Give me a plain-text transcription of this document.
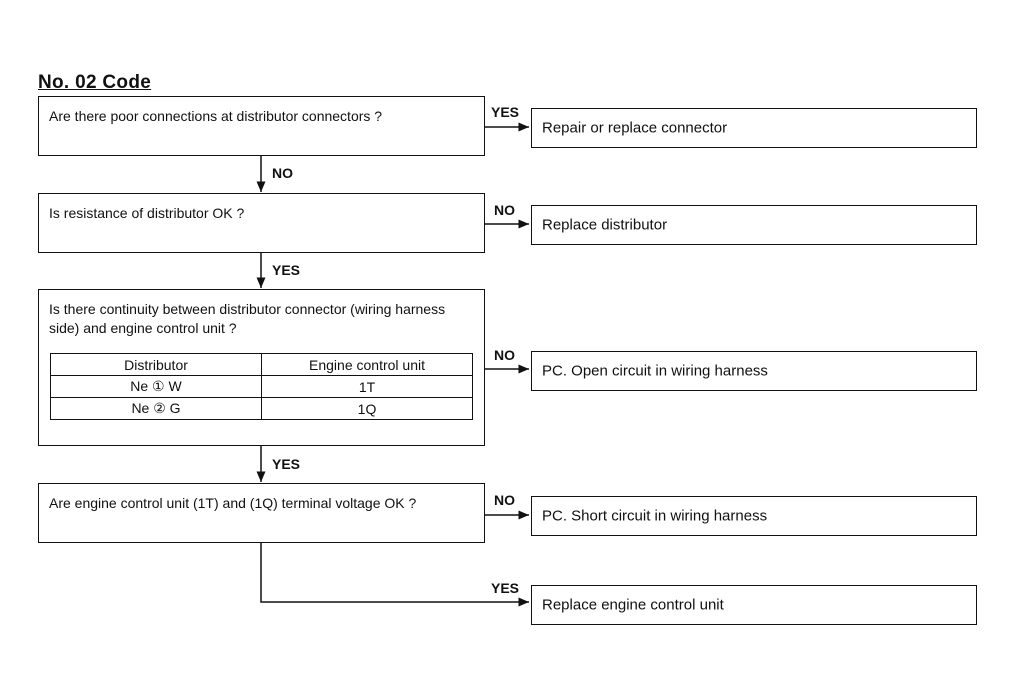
No. 02 Code
Are there poor connections at distributor connectors ?	YES
Repair or replace connector
NO
Is resistance of distributor OK ?	NO
Replace distributor
YES
Is there continuity between distributor connector (wiring harness side) and engine control unit ?
Distributor	Engine control unit
Ne ① W	1T
Ne ② G	1Q
NO
PC. Open circuit in wiring harness
YES
Are engine control unit (1T) and (1Q) terminal voltage OK ?	NO
PC. Short circuit in wiring harness
YES
Replace engine control unit
